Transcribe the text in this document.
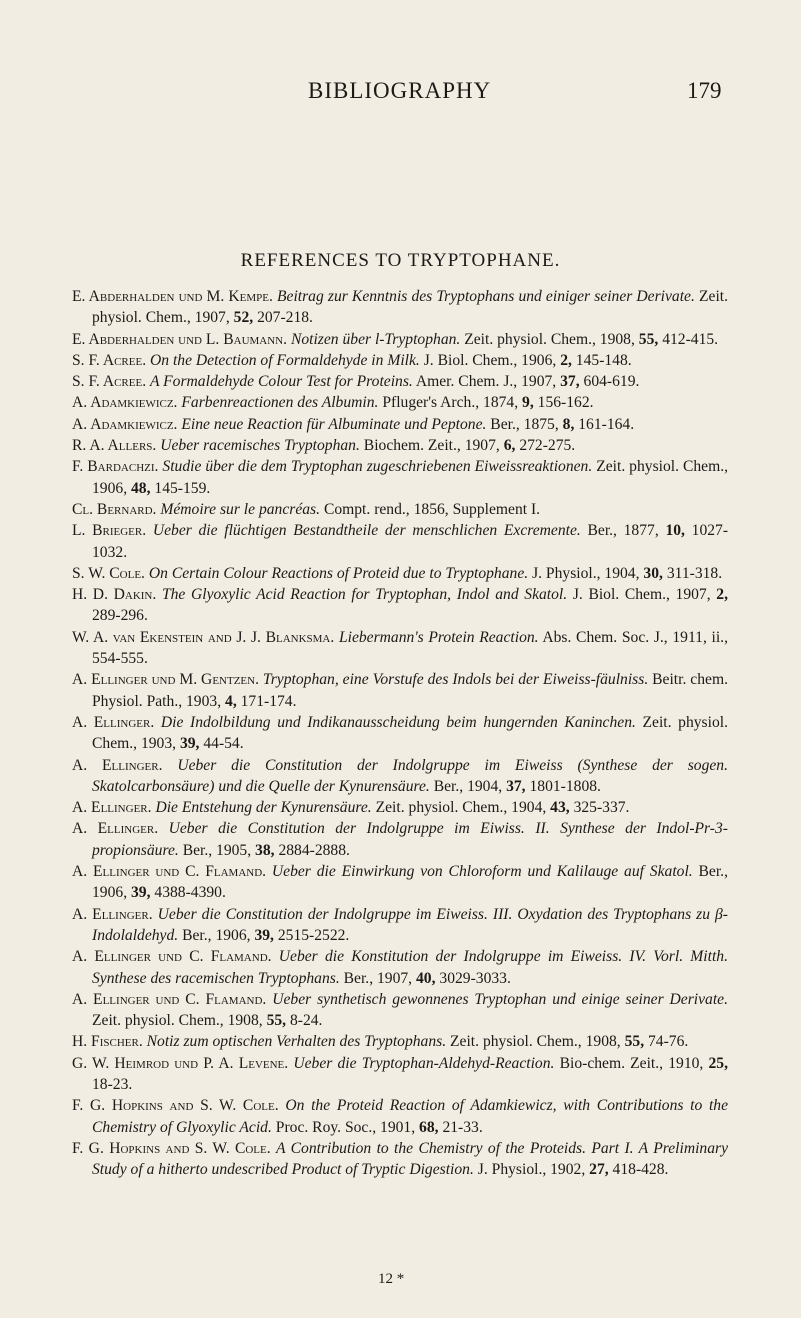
BIBLIOGRAPHY	179
REFERENCES TO TRYPTOPHANE.

E. Abderhalden und M. Kempe. Beitrag zur Kenntnis des Tryptophans und einiger seiner Derivate. Zeit. physiol. Chem., 1907, 52, 207-218.

E. Abderhalden und L. Baumann. Notizen über l-Tryptophan. Zeit. physiol. Chem., 1908, 55, 412-415.

S. F. Acree. On the Detection of Formaldehyde in Milk. J. Biol. Chem., 1906, 2, 145-148.

S. F. Acree. A Formaldehyde Colour Test for Proteins. Amer. Chem. J., 1907, 37, 604-619.

A. Adamkiewicz. Farbenreactionen des Albumin. Pfluger's Arch., 1874, 9, 156-162.

A. Adamkiewicz. Eine neue Reaction für Albuminate und Peptone. Ber., 1875, 8, 161-164.

R. A. Allers. Ueber racemisches Tryptophan. Biochem. Zeit., 1907, 6, 272-275.

F. Bardachzi. Studie über die dem Tryptophan zugeschriebenen Eiweissreaktionen. Zeit. physiol. Chem., 1906, 48, 145-159.

Cl. Bernard. Mémoire sur le pancréas. Compt. rend., 1856, Supplement I.

L. Brieger. Ueber die flüchtigen Bestandtheile der menschlichen Excremente. Ber., 1877, 10, 1027-1032.

S. W. Cole. On Certain Colour Reactions of Proteid due to Tryptophane. J. Physiol., 1904, 30, 311-318.

H. D. Dakin. The Glyoxylic Acid Reaction for Tryptophan, Indol and Skatol. J. Biol. Chem., 1907, 2, 289-296.

W. A. van Ekenstein and J. J. Blanksma. Liebermann's Protein Reaction. Abs. Chem. Soc. J., 1911, ii., 554-555.

A. Ellinger und M. Gentzen. Tryptophan, eine Vorstufe des Indols bei der Eiweiss-fäulniss. Beitr. chem. Physiol. Path., 1903, 4, 171-174.

A. Ellinger. Die Indolbildung und Indikanausscheidung beim hungernden Kaninchen. Zeit. physiol. Chem., 1903, 39, 44-54.

A. Ellinger. Ueber die Constitution der Indolgruppe im Eiweiss (Synthese der sogen. Skatolcarbonsäure) und die Quelle der Kynurensäure. Ber., 1904, 37, 1801-1808.

A. Ellinger. Die Entstehung der Kynurensäure. Zeit. physiol. Chem., 1904, 43, 325-337.

A. Ellinger. Ueber die Constitution der Indolgruppe im Eiwiss. II. Synthese der Indol-Pr-3-propionsäure. Ber., 1905, 38, 2884-2888.

A. Ellinger und C. Flamand. Ueber die Einwirkung von Chloroform und Kalilauge auf Skatol. Ber., 1906, 39, 4388-4390.

A. Ellinger. Ueber die Constitution der Indolgruppe im Eiweiss. III. Oxydation des Tryptophans zu β-Indolaldehyd. Ber., 1906, 39, 2515-2522.

A. Ellinger und C. Flamand. Ueber die Konstitution der Indolgruppe im Eiweiss. IV. Vorl. Mitth. Synthese des racemischen Tryptophans. Ber., 1907, 40, 3029-3033.

A. Ellinger und C. Flamand. Ueber synthetisch gewonnenes Tryptophan und einige seiner Derivate. Zeit. physiol. Chem., 1908, 55, 8-24.

H. Fischer. Notiz zum optischen Verhalten des Tryptophans. Zeit. physiol. Chem., 1908, 55, 74-76.

G. W. Heimrod und P. A. Levene. Ueber die Tryptophan-Aldehyd-Reaction. Bio-chem. Zeit., 1910, 25, 18-23.

F. G. Hopkins and S. W. Cole. On the Proteid Reaction of Adamkiewicz, with Contributions to the Chemistry of Glyoxylic Acid. Proc. Roy. Soc., 1901, 68, 21-33.

F. G. Hopkins and S. W. Cole. A Contribution to the Chemistry of the Proteids. Part I. A Preliminary Study of a hitherto undescribed Product of Tryptic Digestion. J. Physiol., 1902, 27, 418-428.

12 *
